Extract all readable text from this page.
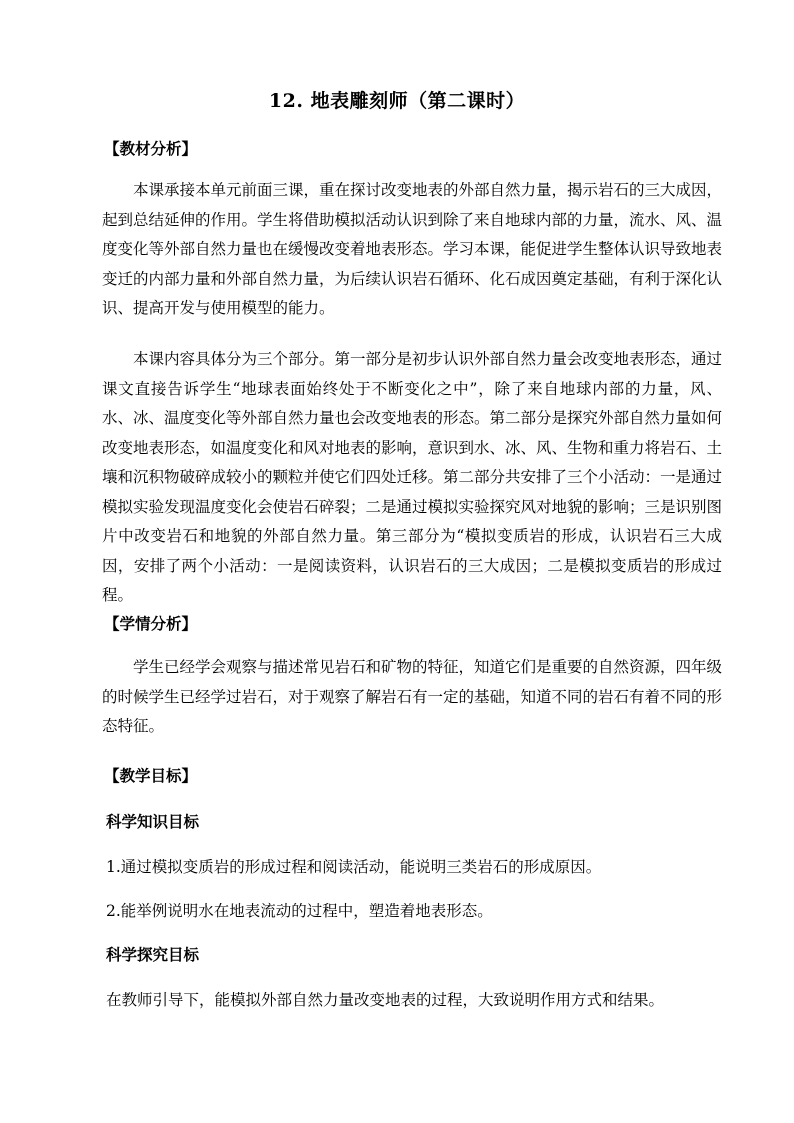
12. 地表雕刻师（第二课时）
【教材分析】
本课承接本单元前面三课，重在探讨改变地表的外部自然力量，揭示岩石的三大成因，起到总结延伸的作用。学生将借助模拟活动认识到除了来自地球内部的力量，流水、风、温度变化等外部自然力量也在缓慢改变着地表形态。学习本课，能促进学生整体认识导致地表变迁的内部力量和外部自然力量，为后续认识岩石循环、化石成因奠定基础，有利于深化认识、提高开发与使用模型的能力。
本课内容具体分为三个部分。第一部分是初步认识外部自然力量会改变地表形态，通过课文直接告诉学生“地球表面始终处于不断变化之中”，除了来自地球内部的力量，风、水、冰、温度变化等外部自然力量也会改变地表的形态。第二部分是探究外部自然力量如何改变地表形态，如温度变化和风对地表的影响，意识到水、冰、风、生物和重力将岩石、土壤和沉积物破碎成较小的颗粒并使它们四处迁移。第二部分共安排了三个小活动：一是通过模拟实验发现温度变化会使岩石碎裂；二是通过模拟实验探究风对地貌的影响；三是识别图片中改变岩石和地貌的外部自然力量。第三部分为“模拟变质岩的形成，认识岩石三大成因，安排了两个小活动：一是阅读资料，认识岩石的三大成因；二是模拟变质岩的形成过程。
【学情分析】
学生已经学会观察与描述常见岩石和矿物的特征，知道它们是重要的自然资源，四年级的时候学生已经学过岩石，对于观察了解岩石有一定的基础，知道不同的岩石有着不同的形态特征。
【教学目标】
科学知识目标
1.通过模拟变质岩的形成过程和阅读活动，能说明三类岩石的形成原因。
2.能举例说明水在地表流动的过程中，塑造着地表形态。
科学探究目标
在教师引导下，能模拟外部自然力量改变地表的过程，大致说明作用方式和结果。
